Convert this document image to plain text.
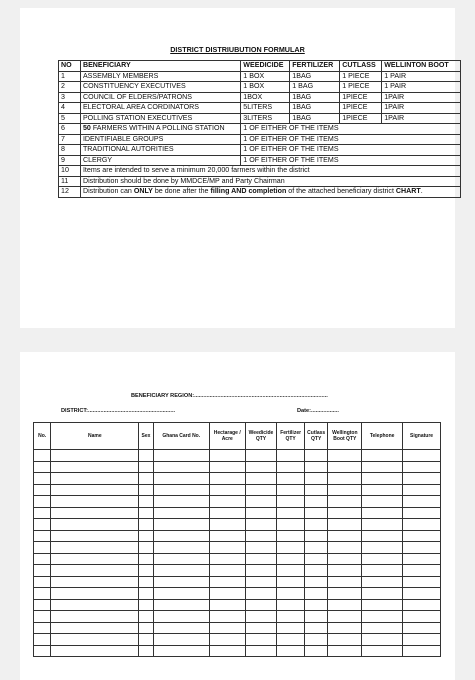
DISTRICT DISTRIUBUTION FORMULAR
NO	BENEFICIARY	WEEDICIDE	FERTILIZER	CUTLASS	WELLINTON BOOT
1	ASSEMBLY MEMBERS	1 BOX	1BAG	1 PIECE	1 PAIR
2	CONSTITUENCY EXECUTIVES	1 BOX	1 BAG	1 PIECE	1 PAIR
3	COUNCIL OF ELDERS/PATRONS	1BOX	1BAG	1PIECE	1PAIR
4	ELECTORAL AREA CORDINATORS	5LITERS	1BAG	1PIECE	1PAIR
5	POLLING STATION EXECUTIVES	3LITERS	1BAG	1PIECE	1PAIR
6	50 FARMERS WITHIN A POLLING STATION	1 OF EITHER OF THE ITEMS			
7	IDENTIFIABLE GROUPS	1 OF EITHER OF THE ITEMS			
8	TRADITIONAL AUTORITIES	1 OF EITHER OF THE ITEMS			
9	CLERGY	1 OF EITHER OF THE ITEMS			
10	Items are intended to serve a minimum 20,000 farmers within the district				
11	Distribution should be done by MMDCE/MP and Party Chairman				
12	Distribution can ONLY be done after the filling AND completion of the attached beneficiary district CHART.				
BENEFICIARY REGION:......................................................................................
DISTRICT:........................................................	Date:..................
No.	Name	Sex	Ghana Card No.	Hectarage / Acre	Weedicide QTY	Fertilizer QTY	Cutlass QTY	Wellington Boot QTY	Telephone	Signature
